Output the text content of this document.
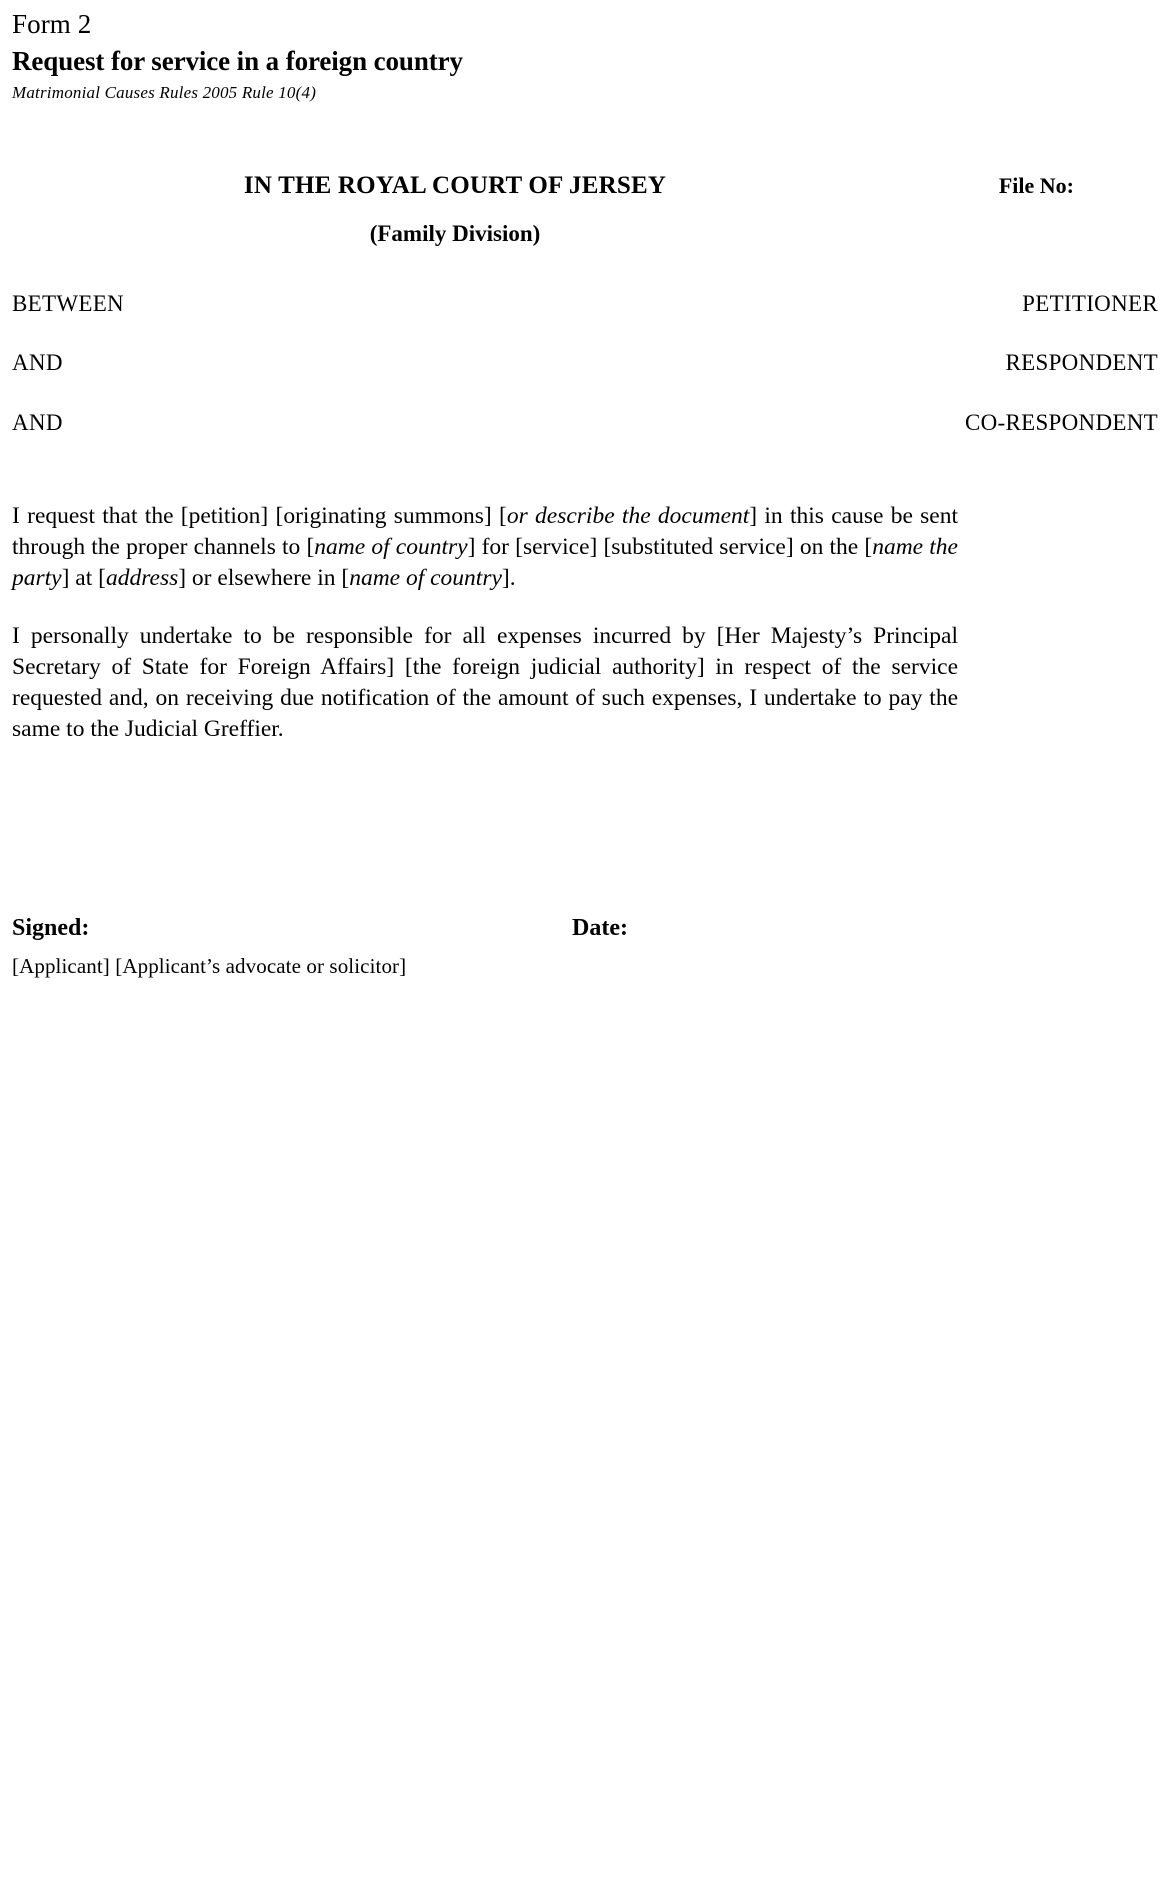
Form 2
Request for service in a foreign country
Matrimonial Causes Rules 2005 Rule 10(4)
IN THE ROYAL COURT OF JERSEY	File No:
(Family Division)
BETWEEN	PETITIONER
AND	RESPONDENT
AND	CO-RESPONDENT

I request that the [petition] [originating summons] [or describe the document] in this cause be sent through the proper channels to [name of country] for [service] [substituted service] on the [name the party] at [address] or elsewhere in [name of country].

I personally undertake to be responsible for all expenses incurred by [Her Majesty’s Principal Secretary of State for Foreign Affairs] [the foreign judicial authority] in respect of the service requested and, on receiving due notification of the amount of such expenses, I undertake to pay the same to the Judicial Greffier.

Signed:	Date:
[Applicant] [Applicant’s advocate or solicitor]
